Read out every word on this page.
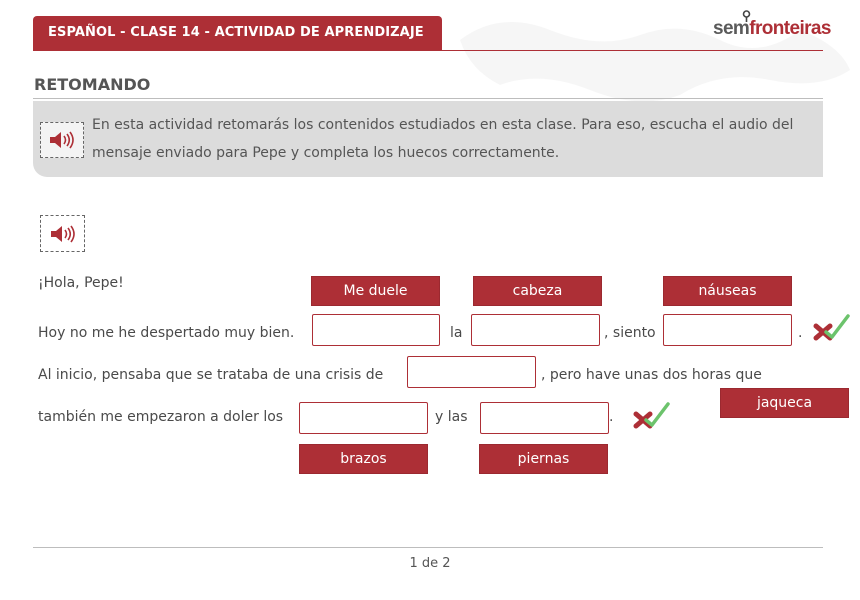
ESPAÑOL - CLASE 14 - ACTIVIDAD DE APRENDIZAJE	semfronteiras
RETOMANDO
En esta actividad retomarás los contenidos estudiados en esta clase. Para eso, escucha el audio del
mensaje enviado para Pepe y completa los huecos correctamente.
¡Hola, Pepe!	Me duele	cabeza	náuseas
Hoy no me he despertado muy bien.	la	, siento	.
Al inicio, pensaba que se trataba de una crisis de	, pero have unas dos horas que
jaqueca
también me empezaron a doler los	y las	.
brazos	piernas
1 de 2
